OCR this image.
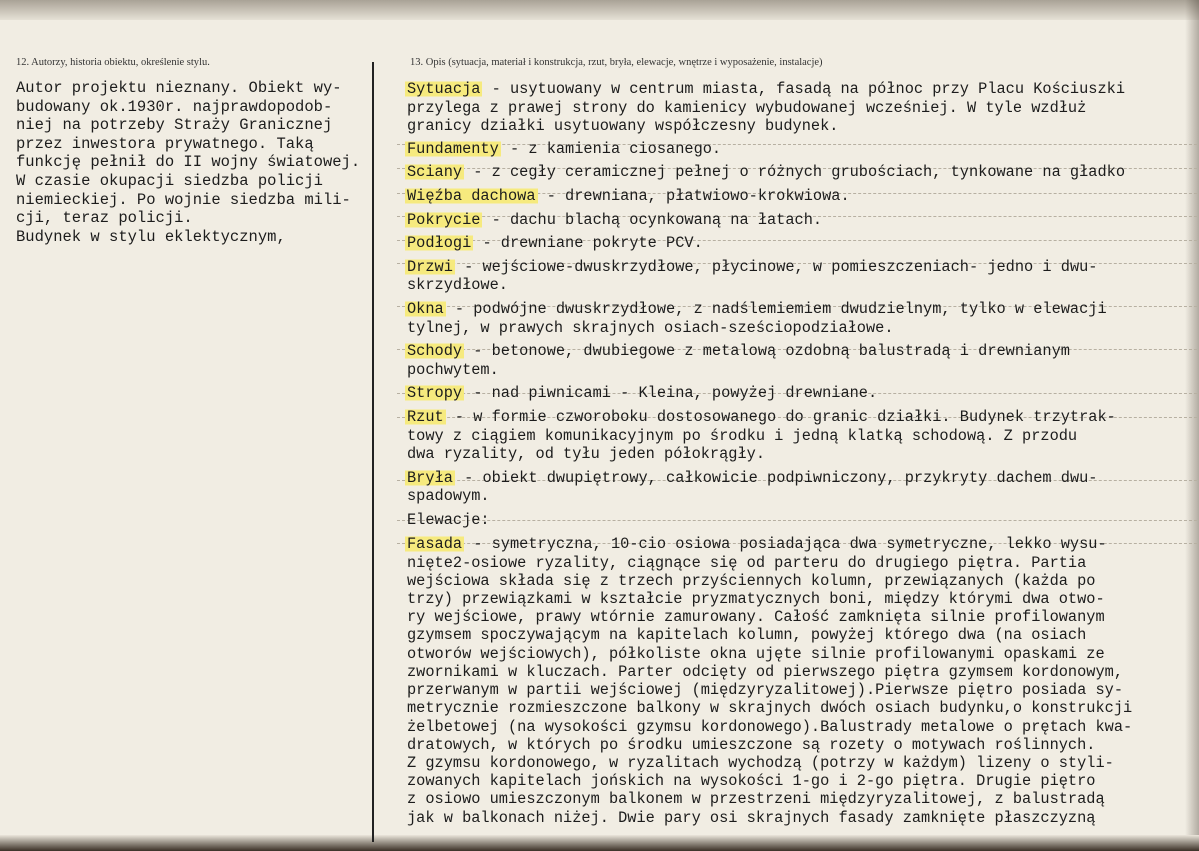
12. Autorzy, historia obiektu, określenie stylu.	13. Opis (sytuacja, materiał i konstrukcja, rzut, bryła, elewacje, wnętrze i wyposażenie, instalacje)
Autor projektu nieznany. Obiekt wy-
budowany ok.1930r. najprawdopodob-
niej na potrzeby Straży Granicznej
przez inwestora prywatnego. Taką
funkcję pełnił do II wojny światowej.
W czasie okupacji siedzba policji
niemieckiej. Po wojnie siedzba mili-
cji, teraz policji.
Budynek w stylu eklektycznym,
Sytuacja - usytuowany w centrum miasta, fasadą na północ przy Placu Kościuszki
przylega z prawej strony do kamienicy wybudowanej wcześniej. W tyle wzdłuż
granicy działki usytuowany współczesny budynek.
Fundamenty - z kamienia ciosanego.
Sciany - z cegły ceramicznej pełnej o różnych grubościach, tynkowane na gładko
Więźba dachowa - drewniana, płatwiowo-krokwiowa.
Pokrycie - dachu blachą ocynkowaną na łatach.
Podłogi - drewniane pokryte PCV.
Drzwi - wejściowe-dwuskrzydłowe, płycinowe, w pomieszczeniach- jedno i dwu-
skrzydłowe.
Okna - podwójne dwuskrzydłowe, z nadślemiemiem dwudzielnym, tylko w elewacji
tylnej, w prawych skrajnych osiach-sześciopodziałowe.
Schody - betonowe, dwubiegowe z metalową ozdobną balustradą i drewnianym
pochwytem.
Stropy - nad piwnicami - Kleina, powyżej drewniane.
Rzut - w formie czworoboku dostosowanego do granic działki. Budynek trzytrak-
towy z ciągiem komunikacyjnym po środku i jedną klatką schodową. Z przodu
dwa ryzality, od tyłu jeden półokrągły.
Bryła - obiekt dwupiętrowy, całkowicie podpiwniczony, przykryty dachem dwu-
spadowym.
Elewacje:
Fasada - symetryczna, 10-cio osiowa posiadająca dwa symetryczne, lekko wysu-
nięte2-osiowe ryzality, ciągnące się od parteru do drugiego piętra. Partia
wejściowa składa się z trzech przyściennych kolumn, przewiązanych (każda po
trzy) przewiązkami w kształcie pryzmatycznych boni, między którymi dwa otwo-
ry wejściowe, prawy wtórnie zamurowany. Całość zamknięta silnie profilowanym
gzymsem spoczywającym na kapitelach kolumn, powyżej którego dwa (na osiach
otworów wejściowych), półkoliste okna ujęte silnie profilowanymi opaskami ze
zwornikami w kluczach. Parter odcięty od pierwszego piętra gzymsem kordonowym,
przerwanym w partii wejściowej (międzyryzalitowej).Pierwsze piętro posiada sy-
metrycznie rozmieszczone balkony w skrajnych dwóch osiach budynku,o konstrukcji
żelbetowej (na wysokości gzymsu kordonowego).Balustrady metalowe o prętach kwa-
dratowych, w których po środku umieszczone są rozety o motywach roślinnych.
Z gzymsu kordonowego, w ryzalitach wychodzą (potrzy w każdym) lizeny o styli-
zowanych kapitelach jońskich na wysokości 1-go i 2-go piętra. Drugie piętro
z osiowo umieszczonym balkonem w przestrzeni międzyryzalitowej, z balustradą
jak w balkonach niżej. Dwie pary osi skrajnych fasady zamknięte płaszczyzną
